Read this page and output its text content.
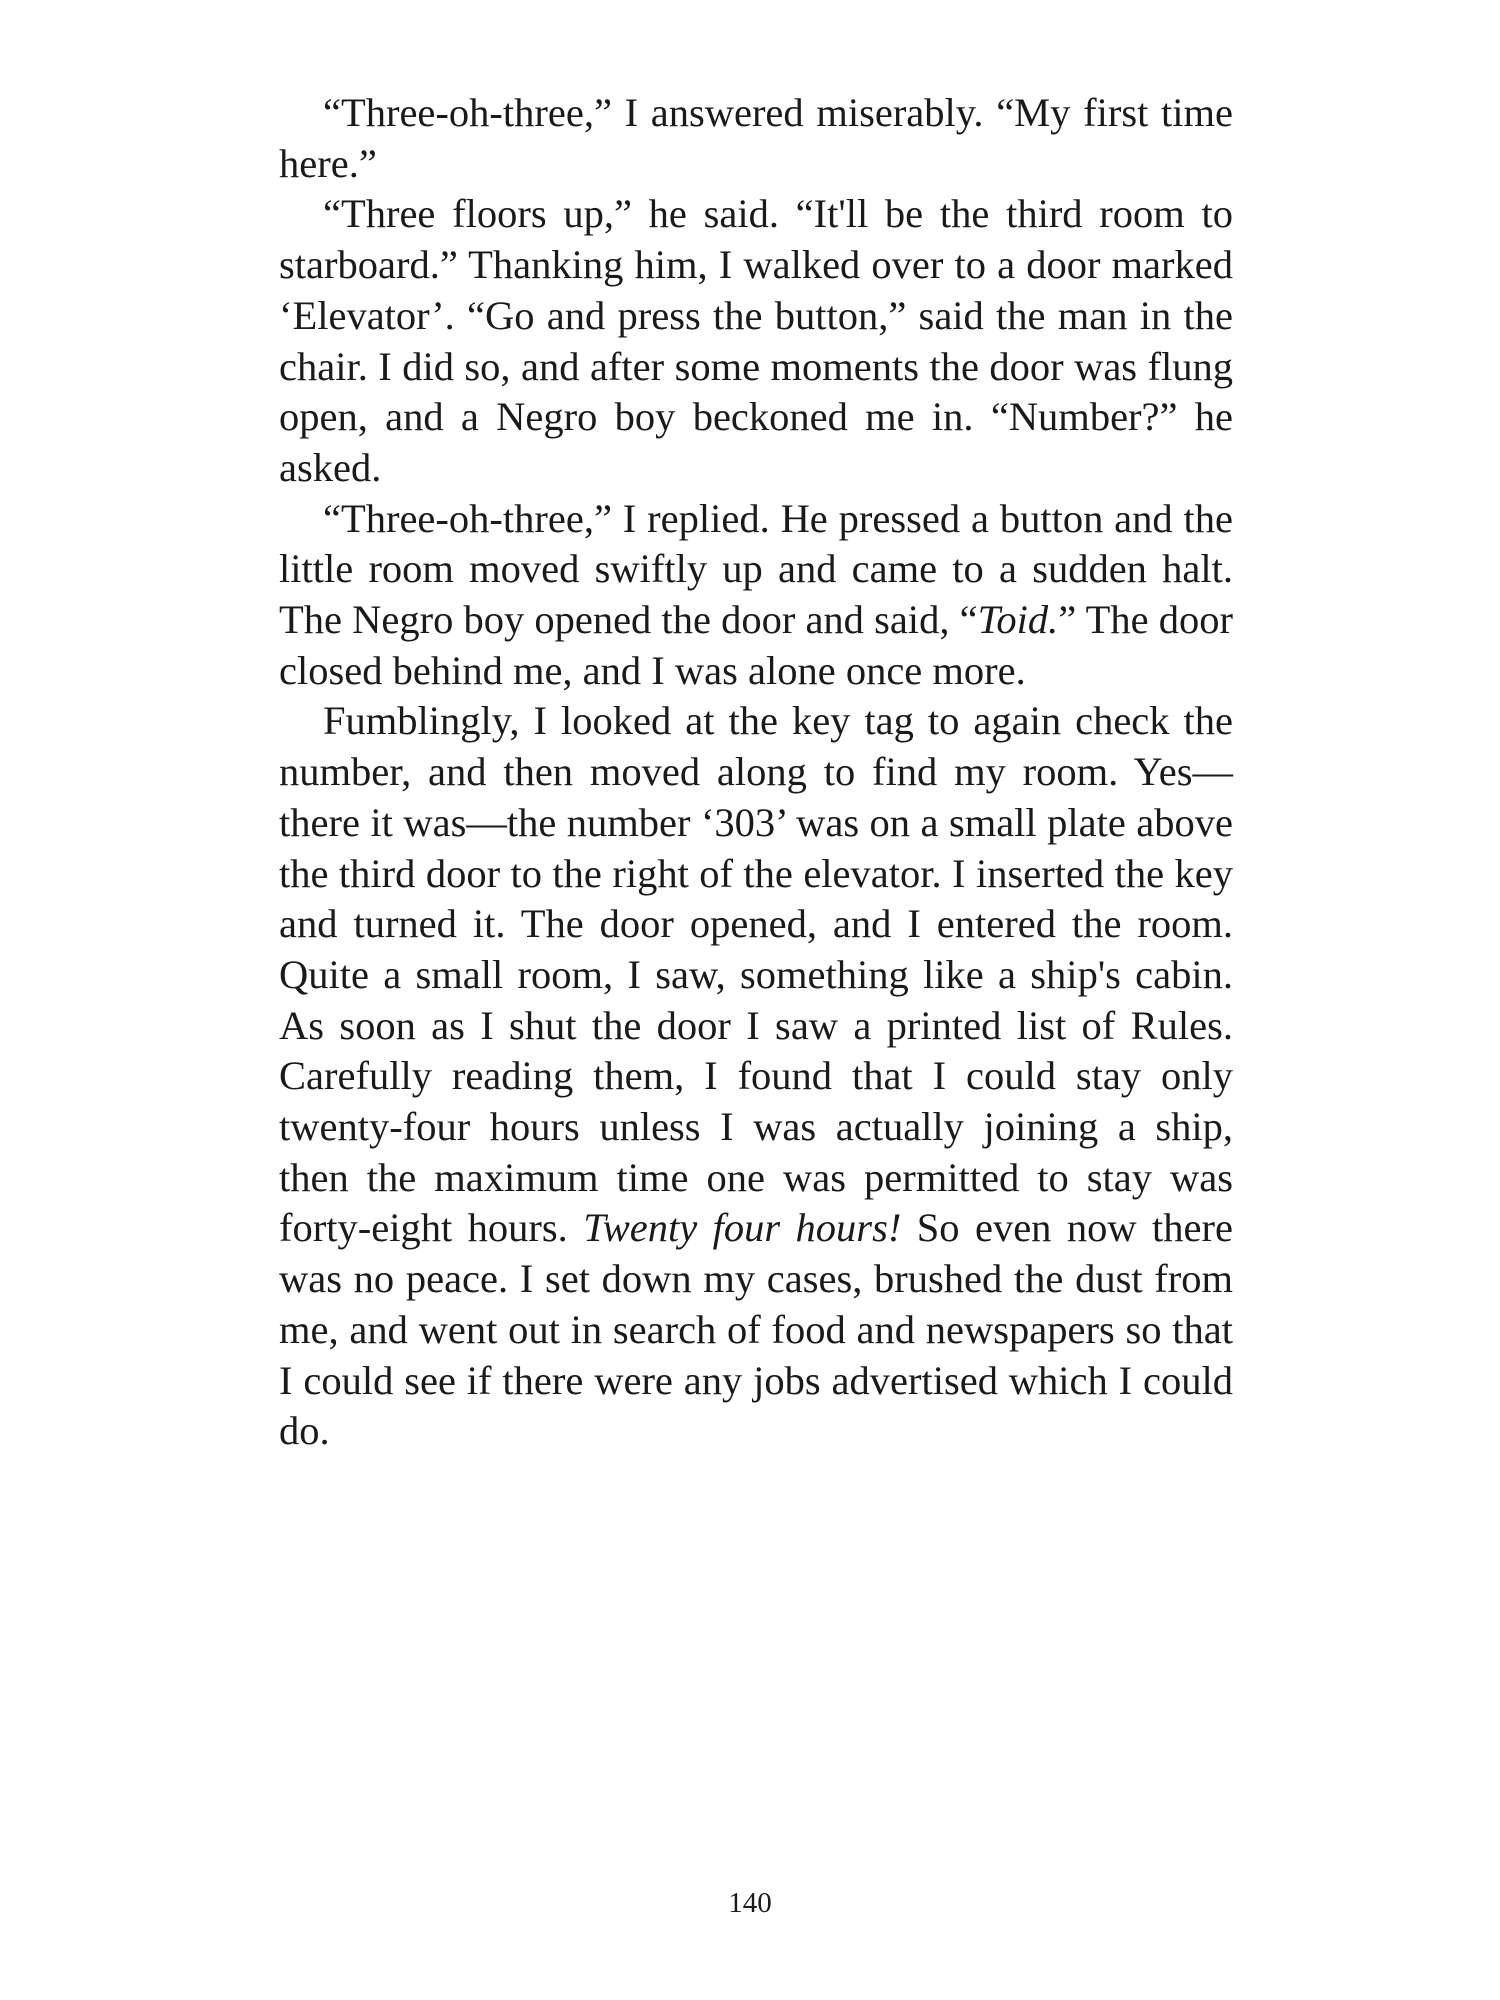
“Three-oh-three,” I answered miserably. “My first time here.”

“Three floors up,” he said. “It'll be the third room to starboard.” Thanking him, I walked over to a door marked ‘Elevator’. “Go and press the button,” said the man in the chair. I did so, and after some moments the door was flung open, and a Negro boy beckoned me in. “Number?” he asked.

“Three-oh-three,” I replied. He pressed a button and the little room moved swiftly up and came to a sudden halt. The Negro boy opened the door and said, “Toid.” The door closed behind me, and I was alone once more.

Fumblingly, I looked at the key tag to again check the number, and then moved along to find my room. Yes—there it was—the number ‘303’ was on a small plate above the third door to the right of the elevator. I inserted the key and turned it. The door opened, and I entered the room. Quite a small room, I saw, something like a ship's cabin. As soon as I shut the door I saw a printed list of Rules. Carefully reading them, I found that I could stay only twenty-four hours unless I was actually joining a ship, then the maximum time one was permitted to stay was forty-eight hours. Twenty four hours! So even now there was no peace. I set down my cases, brushed the dust from me, and went out in search of food and newspapers so that I could see if there were any jobs advertised which I could do.

140
